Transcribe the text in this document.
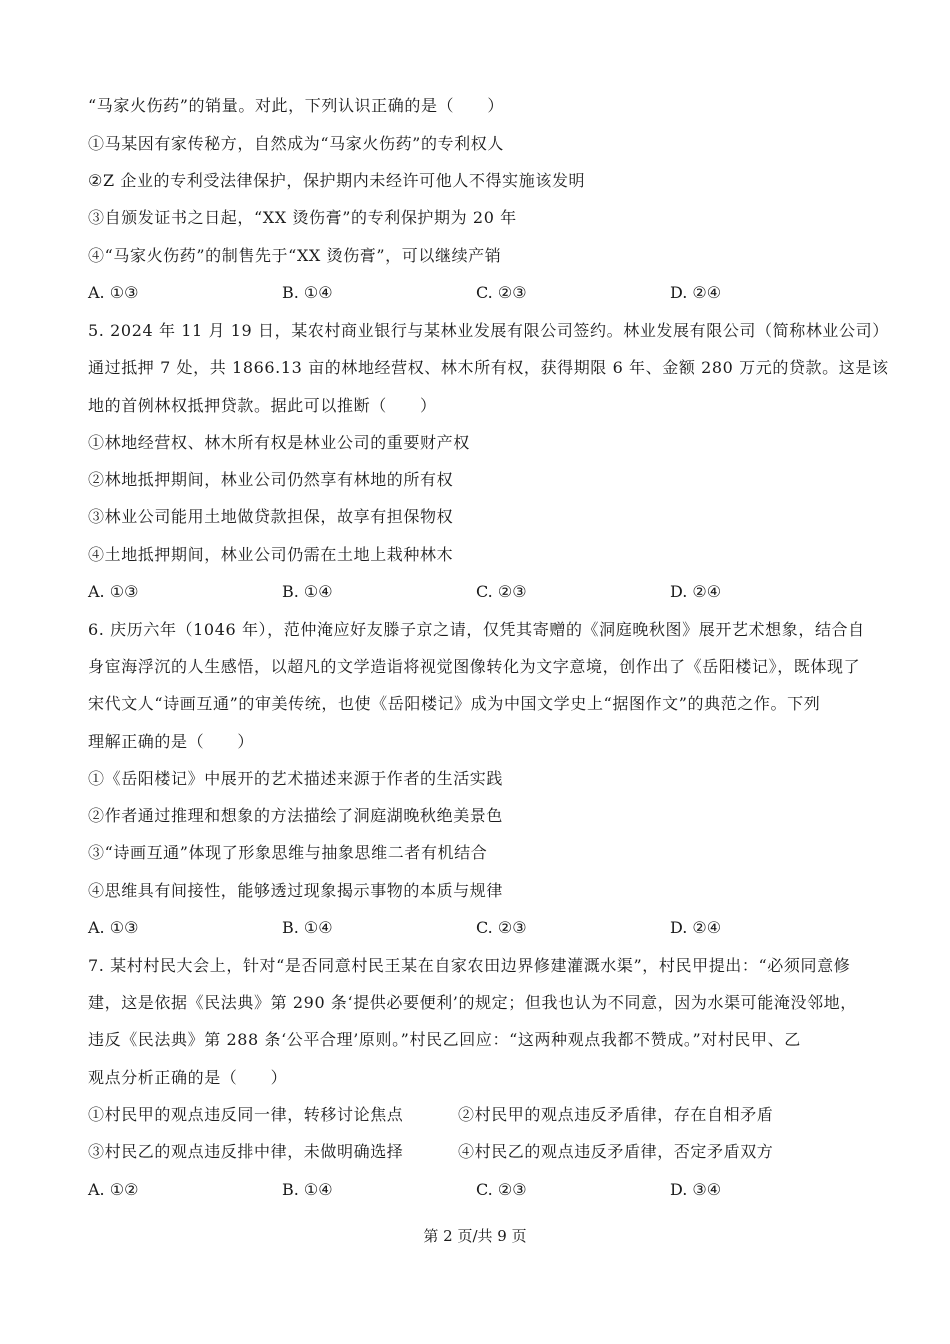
“马家火伤药”的销量。对此，下列认识正确的是（　　）
①马某因有家传秘方，自然成为“马家火伤药”的专利权人
②Z 企业的专利受法律保护，保护期内未经许可他人不得实施该发明
③自颁发证书之日起，“XX 烫伤膏”的专利保护期为 20 年
④“马家火伤药”的制售先于“XX 烫伤膏”，可以继续产销
A. ①③	B. ①④	C. ②③	D. ②④
5. 2024 年 11 月 19 日，某农村商业银行与某林业发展有限公司签约。林业发展有限公司（简称林业公司）
通过抵押 7 处，共 1866.13 亩的林地经营权、林木所有权，获得期限 6 年、金额 280 万元的贷款。这是该
地的首例林权抵押贷款。据此可以推断（　　）
①林地经营权、林木所有权是林业公司的重要财产权
②林地抵押期间，林业公司仍然享有林地的所有权
③林业公司能用土地做贷款担保，故享有担保物权
④土地抵押期间，林业公司仍需在土地上栽种林木
A. ①③	B. ①④	C. ②③	D. ②④
6. 庆历六年（1046 年），范仲淹应好友滕子京之请，仅凭其寄赠的《洞庭晚秋图》展开艺术想象，结合自
身宦海浮沉的人生感悟，以超凡的文学造诣将视觉图像转化为文字意境，创作出了《岳阳楼记》，既体现了
宋代文人“诗画互通”的审美传统，也使《岳阳楼记》成为中国文学史上“据图作文”的典范之作。下列
理解正确的是（　　）
①《岳阳楼记》中展开的艺术描述来源于作者的生活实践
②作者通过推理和想象的方法描绘了洞庭湖晚秋绝美景色
③“诗画互通”体现了形象思维与抽象思维二者有机结合
④思维具有间接性，能够透过现象揭示事物的本质与规律
A. ①③	B. ①④	C. ②③	D. ②④
7. 某村村民大会上，针对“是否同意村民王某在自家农田边界修建灌溉水渠”，村民甲提出：“必须同意修
建，这是依据《民法典》第 290 条‘提供必要便利’的规定；但我也认为不同意，因为水渠可能淹没邻地，
违反《民法典》第 288 条‘公平合理’原则。”村民乙回应：“这两种观点我都不赞成。”对村民甲、乙
观点分析正确的是（　　）
①村民甲的观点违反同一律，转移讨论焦点	②村民甲的观点违反矛盾律，存在自相矛盾
③村民乙的观点违反排中律，未做明确选择	④村民乙的观点违反矛盾律，否定矛盾双方
A. ①②	B. ①④	C. ②③	D. ③④
第 2 页/共 9 页
